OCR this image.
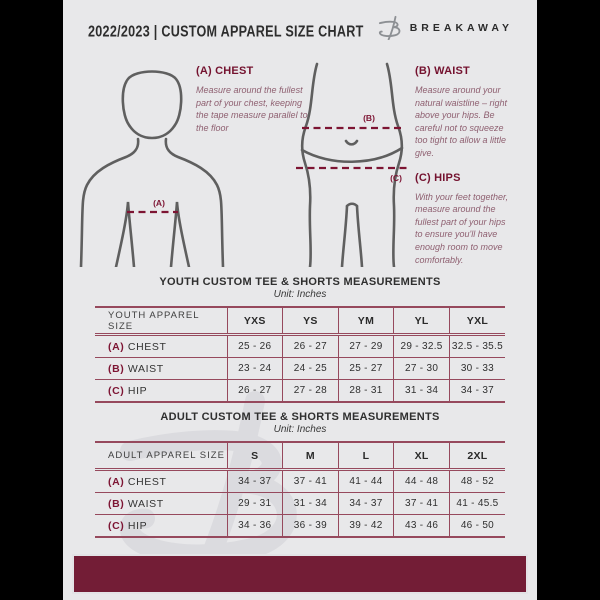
2022/2023 | CUSTOM APPAREL SIZE CHART	BREAKAWAY
(A)

(A) CHEST

Measure around the fullest part of your chest, keeping the tape measure parallel to the floor

(B)
(C)

(B) WAIST

Measure around your natural waistline – right above your hips. Be careful not to squeeze too tight to allow a little give.

(C) HIPS

With your feet together, measure around the fullest part of your hips to ensure you'll have enough room to move comfortably.

YOUTH CUSTOM TEE & SHORTS MEASUREMENTS
Unit: Inches
YOUTH APPAREL SIZE	YXS	YS	YM	YL	YXL
(A) CHEST	25 - 26	26 - 27	27 - 29	29 - 32.5	32.5 - 35.5
(B) WAIST	23 - 24	24 - 25	25 - 27	27 - 30	30 - 33
(C) HIP	26 - 27	27 - 28	28 - 31	31 - 34	34 - 37
ADULT CUSTOM TEE & SHORTS MEASUREMENTS
Unit: Inches
ADULT APPAREL SIZE	S	M	L	XL	2XL
(A) CHEST	34 - 37	37 - 41	41 - 44	44 - 48	48 - 52
(B) WAIST	29 - 31	31 - 34	34 - 37	37 - 41	41 - 45.5
(C) HIP	34 - 36	36 - 39	39 - 42	43 - 46	46 - 50
